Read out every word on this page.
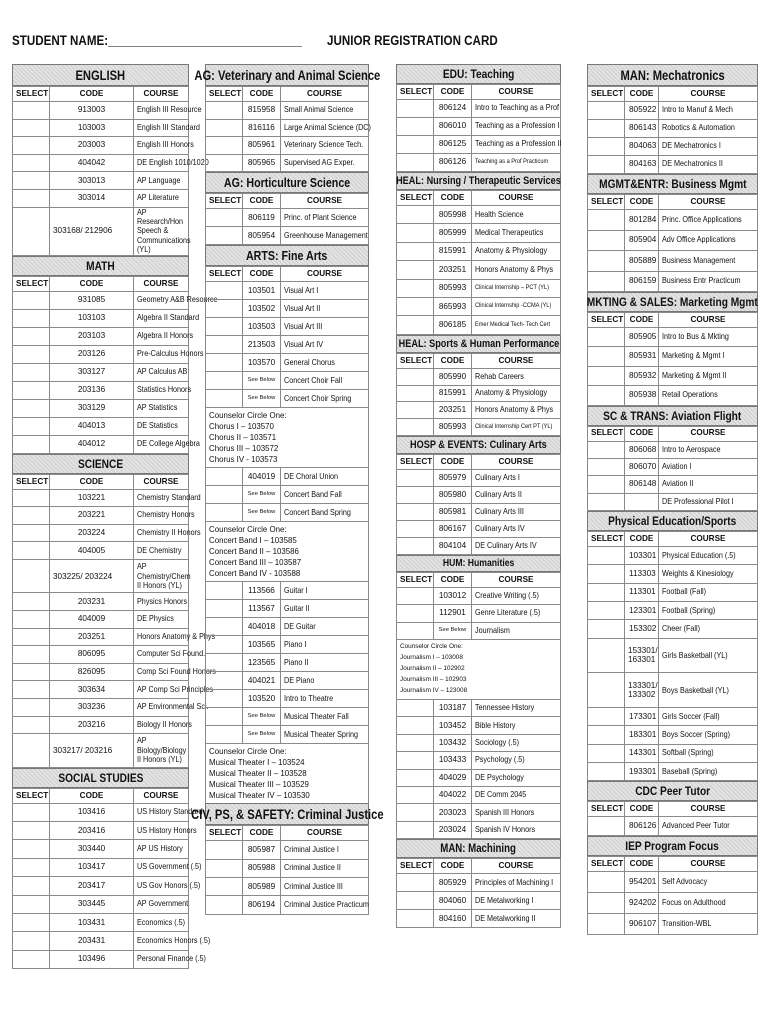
STUDENT NAME:______________________________ JUNIOR REGISTRATION CARD
ENGLISH
SELECT	CODE	COURSE
	913003	English III Resource
	103003	English III Standard
	203003	English III Honors
	404042	DE English 1010/1020
	303013	AP Language
	303014	AP Literature
	303168/ 212906	AP Research/Hon Speech & Communications (YL)
MATH
SELECT	CODE	COURSE
	931085	Geometry A&B Resource
	103103	Algebra II Standard
	203103	Algebra II Honors
	203126	Pre-Calculus Honors
	303127	AP Calculus AB
	203136	Statistics Honors
	303129	AP Statistics
	404013	DE Statistics
	404012	DE College Algebra
SCIENCE
SELECT	CODE	COURSE
	103221	Chemistry Standard
	203221	Chemistry Honors
	203224	Chemistry II Honors
	404005	DE Chemistry
	303225/ 203224	AP Chemistry/Chem II Honors (YL)
	203231	Physics Honors
	404009	DE Physics
	203251	Honors Anatomy & Phys
	806095	Computer Sci Found.
	826095	Comp Sci Found Honors
	303634	AP Comp Sci Principles
	303236	AP Environmental Sci.
	203216	Biology II Honors
	303217/ 203216	AP Biology/Biology II Honors (YL)
SOCIAL STUDIES
SELECT	CODE	COURSE
	103416	US History Standard
	203416	US History Honors
	303440	AP US History
	103417	US Government (.5)
	203417	US Gov Honors (.5)
	303445	AP Government
	103431	Economics (.5)
	203431	Economics Honors (.5)
	103496	Personal Finance (.5)
AG: Veterinary and Animal Science
SELECT	CODE	COURSE
	815958	Small Animal Science
	816116	Large Animal Science (DC)
	805961	Veterinary Science Tech.
	805965	Supervised AG Exper.
AG: Horticulture Science
SELECT	CODE	COURSE
	806119	Princ. of Plant Science
	805954	Greenhouse Management
ARTS: Fine Arts
SELECT	CODE	COURSE
	103501	Visual Art I
	103502	Visual Art II
	103503	Visual Art III
	213503	Visual Art IV
	103570	General Chorus
	See Below	Concert Choir Fall
	See Below	Concert Choir Spring
Counselor Circle One:
Chorus I – 103570
Chorus II – 103571
Chorus III – 103572
Chorus IV - 103573
	404019	DE Choral Union
	See Below	Concert Band Fall
	See Below	Concert Band Spring
Counselor Circle One:
Concert Band I – 103585
Concert Band II – 103586
Concert Band III – 103587
Concert Band IV - 103588
	113566	Guitar I
	113567	Guitar II
	404018	DE Guitar
	103565	Piano I
	123565	Piano II
	404021	DE Piano
	103520	Intro to Theatre
	See Below	Musical Theater Fall
	See Below	Musical Theater Spring
Counselor Circle One:
Musical Theater I – 103524
Musical Theater II – 103528
Musical Theater III – 103529
Musical Theater IV – 103530
CIV, PS, & SAFETY: Criminal Justice
SELECT	CODE	COURSE
	805987	Criminal Justice I
	805988	Criminal Justice II
	805989	Criminal Justice III
	806194	Criminal Justice Practicum
EDU: Teaching
SELECT	CODE	COURSE
	806124	Intro to Teaching as a Prof
	806010	Teaching as a Profession I
	806125	Teaching as a Profession II
	806126	Teaching as a Prof Practicum
HEAL: Nursing / Therapeutic Services
SELECT	CODE	COURSE
	805998	Health Science
	805999	Medical Therapeutics
	815991	Anatomy & Physiology
	203251	Honors Anatomy & Phys
	805993	Clinical Internship – PCT (YL)
	865993	Clinical Internship -CCMA (YL)
	806185	Emer Medical Tech- Tech Cert
HEAL: Sports & Human Performance
SELECT	CODE	COURSE
	805990	Rehab Careers
	815991	Anatomy & Physiology
	203251	Honors Anatomy & Phys
	805993	Clinical Internship Cert PT (YL)
HOSP & EVENTS: Culinary Arts
SELECT	CODE	COURSE
	805979	Culinary Arts I
	805980	Culinary Arts II
	805981	Culinary Arts III
	806167	Culinary Arts IV
	804104	DE Culinary Arts IV
HUM: Humanities
SELECT	CODE	COURSE
	103012	Creative Writing (.5)
	112901	Genre Literature (.5)
	See Below	Journalism
Counselor Circle One:
Journalism I – 103008
Journalism II – 102902
Journalism III – 102903
Journalism IV – 123008
	103187	Tennessee History
	103452	Bible History
	103432	Sociology (.5)
	103433	Psychology (.5)
	404029	DE Psychology
	404022	DE Comm 2045
	203023	Spanish III Honors
	203024	Spanish IV Honors
MAN: Machining
SELECT	CODE	COURSE
	805929	Principles of Machining I
	804060	DE Metalworking I
	804160	DE Metalworking II
MAN: Mechatronics
SELECT	CODE	COURSE
	805922	Intro to Manuf & Mech
	806143	Robotics & Automation
	804063	DE Mechatronics I
	804163	DE Mechatronics II
MGMT&ENTR: Business Mgmt
SELECT	CODE	COURSE
	801284	Princ. Office Applications
	805904	Adv Office Applications
	805889	Business Management
	806159	Business Entr Practicum
MKTING & SALES: Marketing Mgmt
SELECT	CODE	COURSE
	805905	Intro to Bus & Mkting
	805931	Marketing & Mgmt I
	805932	Marketing & Mgmt II
	805938	Retail Operations
SC & TRANS: Aviation Flight
SELECT	CODE	COURSE
	806068	Intro to Aerospace
	806070	Aviation I
	806148	Aviation II
		DE Professional Pilot I
Physical Education/Sports
SELECT	CODE	COURSE
	103301	Physical Education (.5)
	113303	Weights & Kinesiology
	113301	Football (Fall)
	123301	Football (Spring)
	153302	Cheer (Fall)
	153301/ 163301	Girls Basketball (YL)
	133301/ 133302	Boys Basketball (YL)
	173301	Girls Soccer (Fall)
	183301	Boys Soccer (Spring)
	143301	Softball (Spring)
	193301	Baseball (Spring)
CDC Peer Tutor
SELECT	CODE	COURSE
	806126	Advanced Peer Tutor
IEP Program Focus
SELECT	CODE	COURSE
	954201	Self Advocacy
	924202	Focus on Adulthood
	906107	Transition-WBL
